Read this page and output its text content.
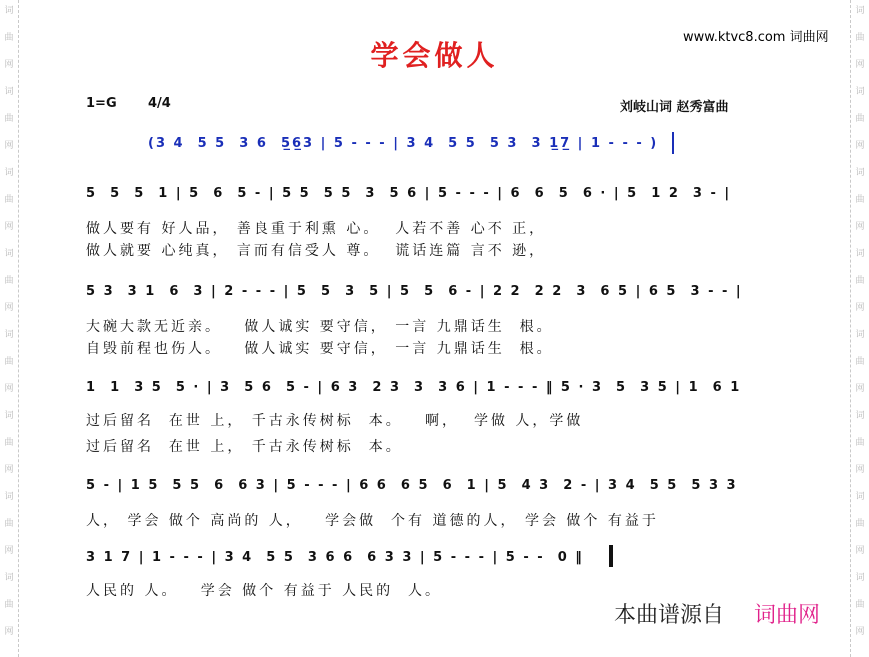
词
曲
网
词
曲
网
词
曲
网
词
曲
网
词
曲
网
词
曲
网
词
曲
网
词
曲
网
词
曲
网
词
曲
网
词
曲
网
词
曲
网
词
曲
网
词
曲
网
词
曲
网
词
曲
网
www.ktvc8.com 词曲网
学会做人
1=G 4/4	刘岐山词 赵秀富曲
(3 4  5 5  3 6  5̲6̲3 | 5 - - - | 3 4  5 5  5 3  3 1̲7̲ | 1 - - - )
5  5  5  1 | 5  6  5 - | 5 5  5 5  3  5 6 | 5 - - - | 6  6  5  6 · | 5  1 2  3 - |
做人要有 好人品， 善良重于利熏 心。  人若不善 心不 正，
做人就要 心纯真， 言而有信受人 尊。  谎话连篇 言不 逊，
5 3  3 1  6  3 | 2 - - - | 5  5  3  5 | 5  5  6 - | 2 2  2 2  3  6 5 | 6 5  3 - - |
大碗大款无近亲。   做人诚实 要守信， 一言 九鼎话生  根。
自毁前程也伤人。   做人诚实 要守信， 一言 九鼎话生  根。
1  1  3 5  5 · | 3  5 6  5 - | 6 3  2 3  3  3 6 | 1 - - - ‖ 5 · 3  5  3 5 | 1  6 1
过后留名  在世 上， 千古永传树标  本。   啊，  学做 人，学做
过后留名  在世 上， 千古永传树标  本。
5 - | 1 5  5 5  6  6 3 | 5 - - - | 6 6  6 5  6  1 | 5  4 3  2 - | 3 4  5 5  5 3 3
人， 学会 做个 高尚的 人，   学会做  个有 道德的人， 学会 做个 有益于
3 1 7 | 1 - - - | 3 4  5 5  3 6 6  6 3 3 | 5 - - - | 5 - -  0 ‖
人民的 人。   学会 做个 有益于 人民的  人。
本曲谱源自 词曲网
